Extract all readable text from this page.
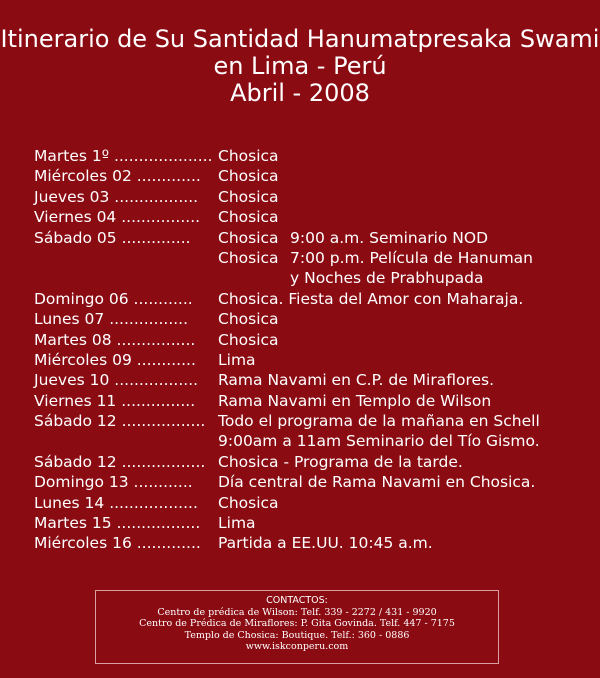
Itinerario de Su Santidad Hanumatpresaka Swami
en Lima - Perú
Abril - 2008
Martes 1º .................... Chosica
Miércoles 02 ............. Chosica
Jueves 03 ................. Chosica
Viernes 04 ................ Chosica
Sábado 05 .............. Chosica 9:00 a.m. Seminario NOD
Chosica 7:00 p.m. Película de Hanuman
y Noches de Prabhupada
Domingo 06 ............ Chosica. Fiesta del Amor con Maharaja.
Lunes 07 ................ Chosica
Martes 08 ................ Chosica
Miércoles 09 ............ Lima
Jueves 10 ................. Rama Navami en C.P. de Miraflores.
Viernes 11 ............... Rama Navami en Templo de Wilson
Sábado 12 ................. Todo el programa de la mañana en Schell
9:00am a 11am Seminario del Tío Gismo.
Sábado 12 ................. Chosica - Programa de la tarde.
Domingo 13 ............ Día central de Rama Navami en Chosica.
Lunes 14 .................. Chosica
Martes 15 ................. Lima
Miércoles 16 ............. Partida a EE.UU. 10:45 a.m.
CONTACTOS:
Centro de prédica de Wilson: Telf. 339 - 2272 / 431 - 9920
Centro de Prédica de Miraflores: P. Gita Govinda. Telf. 447 - 7175
Templo de Chosica: Boutique. Telf.: 360 - 0886
www.iskconperu.com
